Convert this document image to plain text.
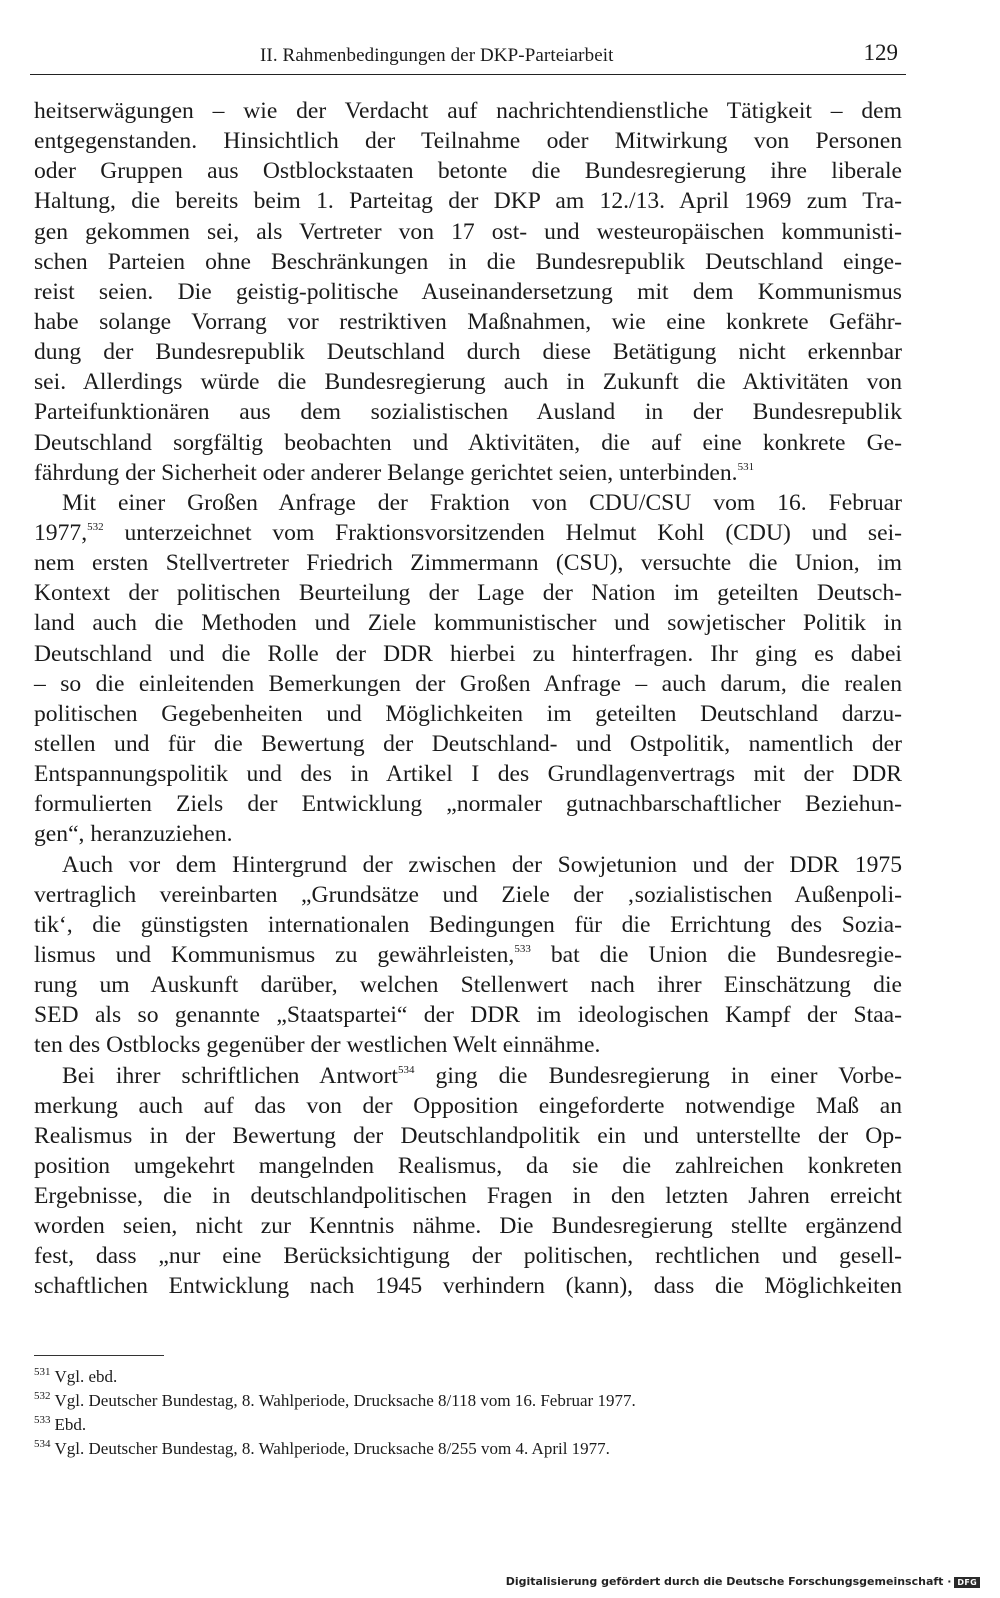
II. Rahmenbedingungen der DKP-Parteiarbeit	129
heitserwägungen – wie der Verdacht auf nachrichtendienstliche Tätigkeit – dem
entgegenstanden. Hinsichtlich der Teilnahme oder Mitwirkung von Personen
oder Gruppen aus Ostblockstaaten betonte die Bundesregierung ihre liberale
Haltung, die bereits beim 1. Parteitag der DKP am 12./13. April 1969 zum Tra-
gen gekommen sei, als Vertreter von 17 ost- und westeuropäischen kommunisti-
schen Parteien ohne Beschränkungen in die Bundesrepublik Deutschland einge-
reist seien. Die geistig-politische Auseinandersetzung mit dem Kommunismus
habe solange Vorrang vor restriktiven Maßnahmen, wie eine konkrete Gefähr-
dung der Bundesrepublik Deutschland durch diese Betätigung nicht erkennbar
sei. Allerdings würde die Bundesregierung auch in Zukunft die Aktivitäten von
Parteifunktionären aus dem sozialistischen Ausland in der Bundesrepublik
Deutschland sorgfältig beobachten und Aktivitäten, die auf eine konkrete Ge-
fährdung der Sicherheit oder anderer Belange gerichtet seien, unterbinden.$^{531}$
Mit einer Großen Anfrage der Fraktion von CDU/CSU vom 16. Februar
1977,$^{532}$ unterzeichnet vom Fraktionsvorsitzenden Helmut Kohl (CDU) und sei-
nem ersten Stellvertreter Friedrich Zimmermann (CSU), versuchte die Union, im
Kontext der politischen Beurteilung der Lage der Nation im geteilten Deutsch-
land auch die Methoden und Ziele kommunistischer und sowjetischer Politik in
Deutschland und die Rolle der DDR hierbei zu hinterfragen. Ihr ging es dabei
– so die einleitenden Bemerkungen der Großen Anfrage – auch darum, die realen
politischen Gegebenheiten und Möglichkeiten im geteilten Deutschland darzu-
stellen und für die Bewertung der Deutschland- und Ostpolitik, namentlich der
Entspannungspolitik und des in Artikel I des Grundlagenvertrags mit der DDR
formulierten Ziels der Entwicklung „normaler gutnachbarschaftlicher Beziehun-
gen“, heranzuziehen.
Auch vor dem Hintergrund der zwischen der Sowjetunion und der DDR 1975
vertraglich vereinbarten „Grundsätze und Ziele der ‚sozialistischen Außenpoli-
tik‘, die günstigsten internationalen Bedingungen für die Errichtung des Sozia-
lismus und Kommunismus zu gewährleisten,$^{533}$ bat die Union die Bundesregie-
rung um Auskunft darüber, welchen Stellenwert nach ihrer Einschätzung die
SED als so genannte „Staatspartei“ der DDR im ideologischen Kampf der Staa-
ten des Ostblocks gegenüber der westlichen Welt einnähme.
Bei ihrer schriftlichen Antwort$^{534}$ ging die Bundesregierung in einer Vorbe-
merkung auch auf das von der Opposition eingeforderte notwendige Maß an
Realismus in der Bewertung der Deutschlandpolitik ein und unterstellte der Op-
position umgekehrt mangelnden Realismus, da sie die zahlreichen konkreten
Ergebnisse, die in deutschlandpolitischen Fragen in den letzten Jahren erreicht
worden seien, nicht zur Kenntnis nähme. Die Bundesregierung stellte ergänzend
fest, dass „nur eine Berücksichtigung der politischen, rechtlichen und gesell-
schaftlichen Entwicklung nach 1945 verhindern (kann), dass die Möglichkeiten
$^{531}$ Vgl. ebd.
$^{532}$ Vgl. Deutscher Bundestag, 8. Wahlperiode, Drucksache 8/118 vom 16. Februar 1977.
$^{533}$ Ebd.
$^{534}$ Vgl. Deutscher Bundestag, 8. Wahlperiode, Drucksache 8/255 vom 4. April 1977.
Digitalisierung gefördert durch die Deutsche Forschungsgemeinschaft · DFG
